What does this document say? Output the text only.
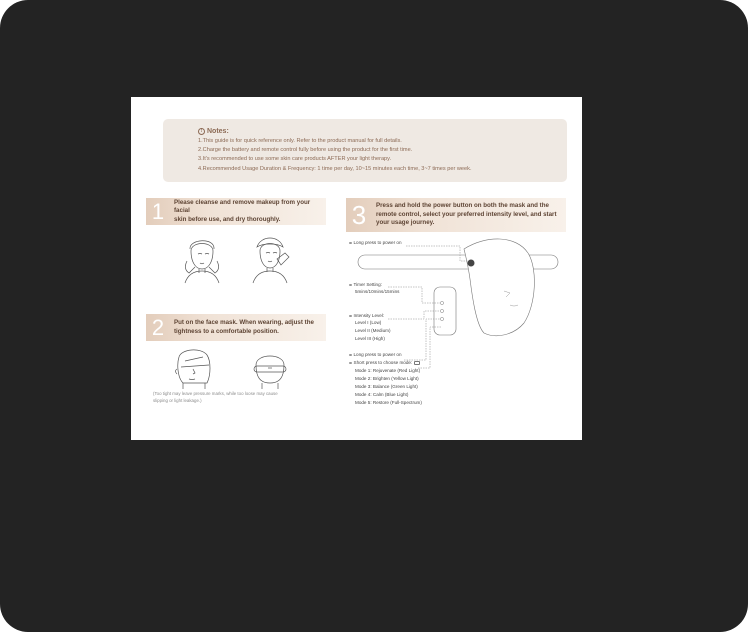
! Notes:
1.This guide is for quick reference only. Refer to the product manual for full details.
2.Charge the battery and remote control fully before using the product for the first time.
3.It's recommended to use some skin care products AFTER your light therapy.
4.Recommended Usage Duration & Frequency: 1 time per day, 10~15 minutes each time, 3~7 times per week.
1	Please cleanse and remove makeup from your facial
skin before use, and dry thoroughly.
2	Put on the face mask. When wearing, adjust the
tightness to a comfortable position.
(Too tight may leave pressure marks, while too loose may cause
slipping or light leakage.)
3	Press and hold the power button on both the mask and the
remote control, select your preferred intensity level, and start
your usage journey.
Long press to power on
Timer Setting:
5mins/10mins/15mins
Intensity Level:
Level I (Low)
Level II (Medium)
Level III (High)
Long press to power on
Short press to choose mode:
Mode 1: Rejuvenate (Red Light)
Mode 2: Brighten (Yellow Light)
Mode 3: Balance (Green Light)
Mode 4: Calm (Blue Light)
Mode 5: Restore (Full-Spectrum)
